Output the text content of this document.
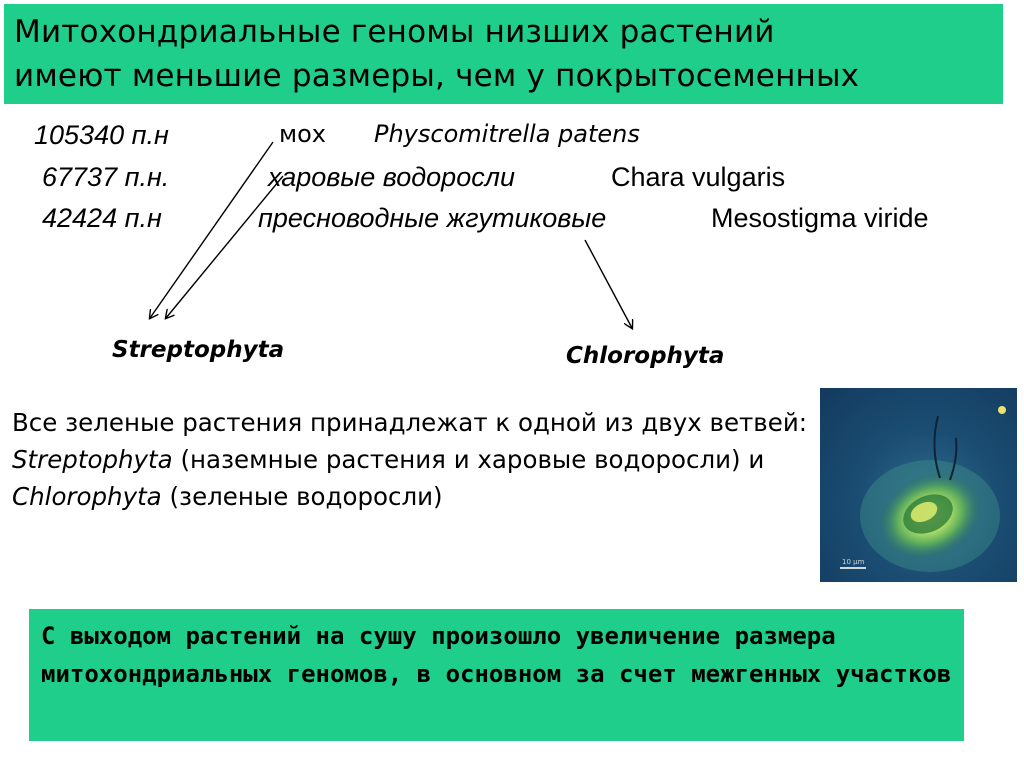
Митохондриальные геномы низших растений
имеют меньшие размеры, чем у покрытосеменных
105340 п.н	мох Physcomitrella patens
67737 п.н.	харовые водоросли	Chara vulgaris
42424 п.н	пресноводные жгутиковые	Mesostigma viride
Streptophyta	Chlorophyta
Все зеленые растения принадлежат к одной из двух ветвей: Streptophyta (наземные растения и харовые водоросли) и Chlorophyta (зеленые водоросли)
10 μm
С выходом растений на сушу произошло увеличение размера митохондриальных геномов, в основном за счет межгенных участков
